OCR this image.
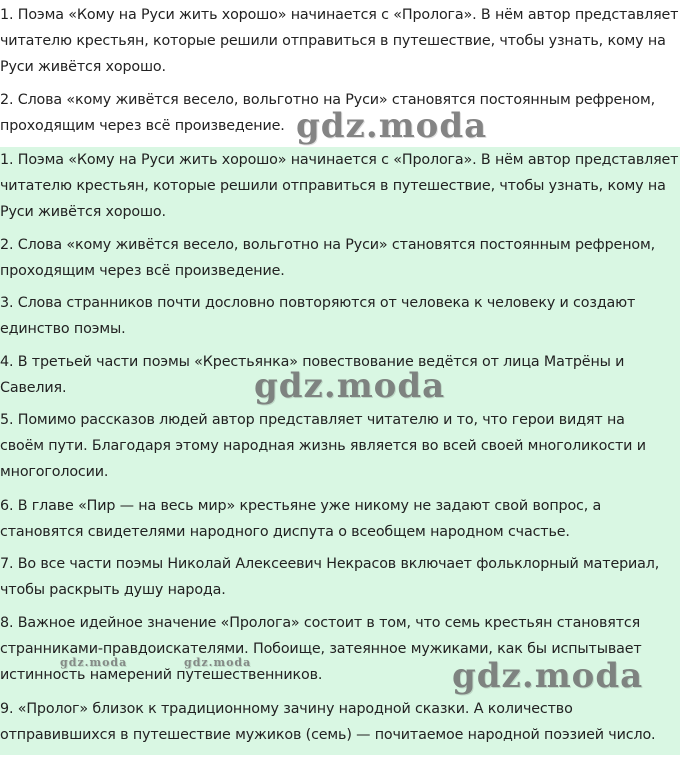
1. Поэма «Кому на Руси жить хорошо» начинается с «Пролога». В нём автор представляет
читателю крестьян, которые решили отправиться в путешествие, чтобы узнать, кому на
Руси живётся хорошо.

2. Слова «кому живётся весело, вольготно на Руси» становятся постоянным рефреном,
проходящим через всё произведение.

1. Поэма «Кому на Руси жить хорошо» начинается с «Пролога». В нём автор представляет
читателю крестьян, которые решили отправиться в путешествие, чтобы узнать, кому на
Руси живётся хорошо.

2. Слова «кому живётся весело, вольготно на Руси» становятся постоянным рефреном,
проходящим через всё произведение.

3. Слова странников почти дословно повторяются от человека к человеку и создают
единство поэмы.

4. В третьей части поэмы «Крестьянка» повествование ведётся от лица Матрёны и
Савелия.

5. Помимо рассказов людей автор представляет читателю и то, что герои видят на
своём пути. Благодаря этому народная жизнь является во всей своей многоликости и
многоголосии.

6. В главе «Пир — на весь мир» крестьяне уже никому не задают свой вопрос, а
становятся свидетелями народного диспута о всеобщем народном счастье.

7. Во все части поэмы Николай Алексеевич Некрасов включает фольклорный материал,
чтобы раскрыть душу народа.

8. Важное идейное значение «Пролога» состоит в том, что семь крестьян становятся
странниками-правдоискателями. Побоище, затеянное мужиками, как бы испытывает
истинность намерений путешественников.

9. «Пролог» близок к традиционному зачину народной сказки. А количество
отправившихся в путешествие мужиков (семь) — почитаемое народной поэзией число.

gdz.moda
gdz.moda
gdz.moda
gdz.moda	gdz.moda
